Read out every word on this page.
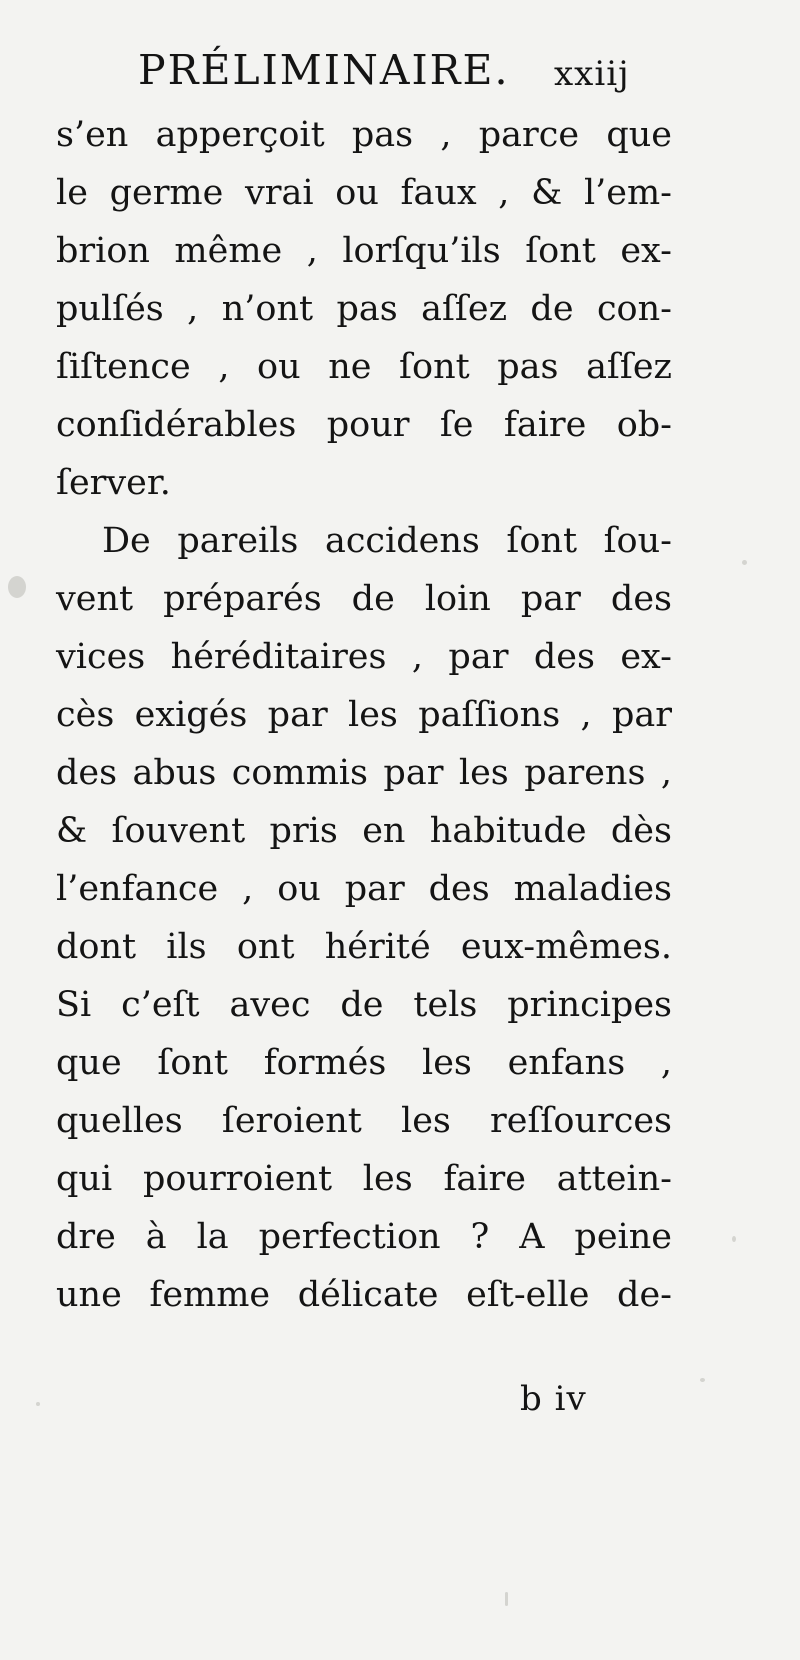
PRÉLIMINAIRE. xxiij
s’en apperçoit pas , parce que
le germe vrai ou faux , & l’em-
brion même , lorſqu’ils ſont ex-
pulſés , n’ont pas aſſez de con-
ſiſtence , ou ne ſont pas aſſez
conſidérables pour ſe faire ob-
ſerver.
De pareils accidens ſont ſou-
vent préparés de loin par des
vices héréditaires , par des ex-
cès exigés par les paſſions , par
des abus commis par les parens ,
& ſouvent pris en habitude dès
l’enfance , ou par des maladies
dont ils ont hérité eux-mêmes.
Si c’eſt avec de tels principes
que ſont formés les enfans ,
quelles ſeroient les reſſources
qui pourroient les faire attein-
dre à la perfection ? A peine
une femme délicate eſt-elle de-
b iv
